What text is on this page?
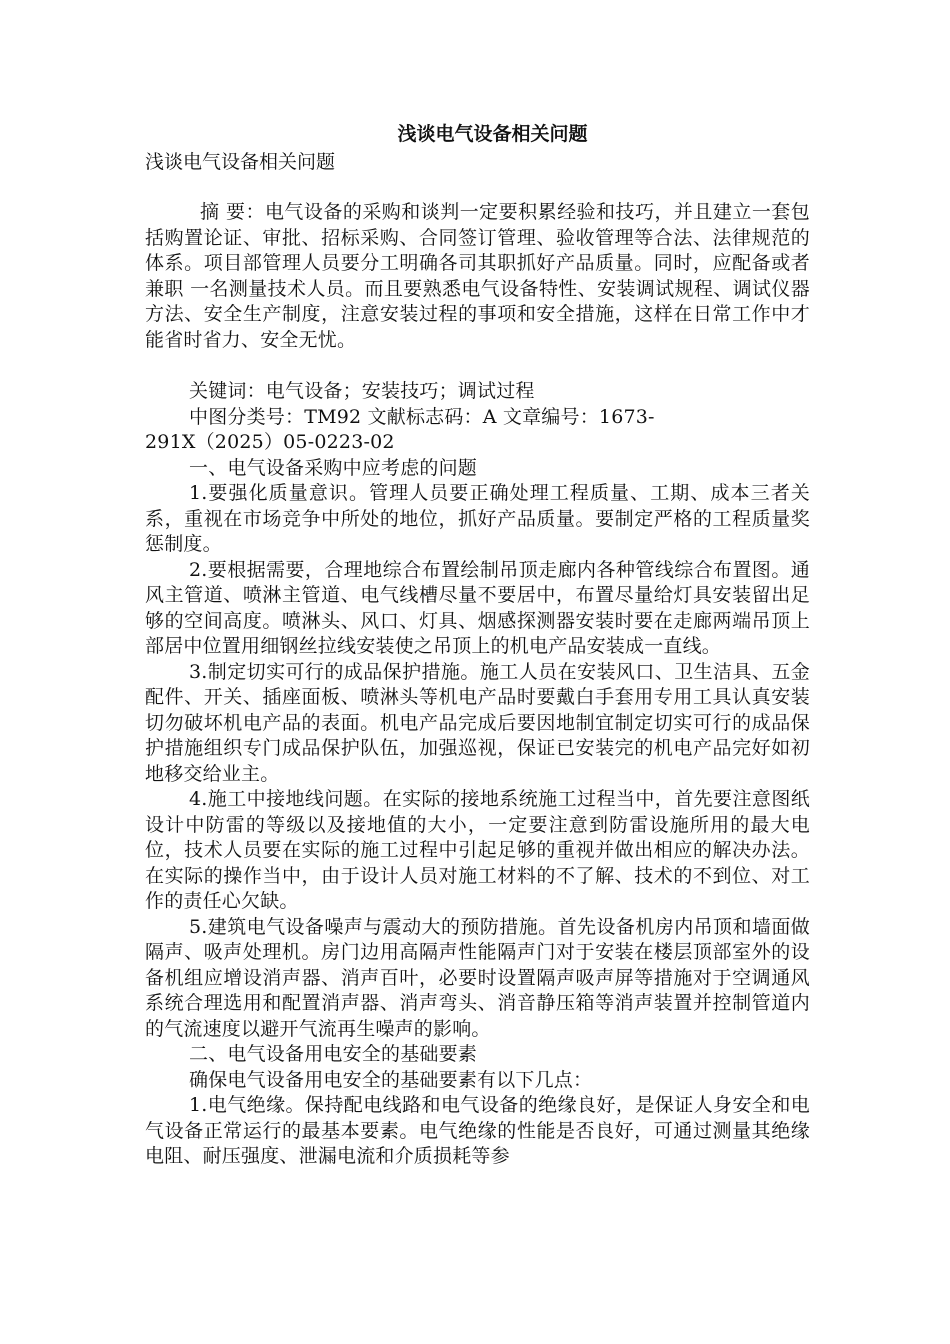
浅谈电气设备相关问题

浅谈电气设备相关问题

摘 要：电气设备的采购和谈判一定要积累经验和技巧，并且建立一套包括购置论证、审批、招标采购、合同签订管理、验收管理等合法、法律规范的体系。项目部管理人员要分工明确各司其职抓好产品质量。同时，应配备或者兼职 一名测量技术人员。而且要熟悉电气设备特性、安装调试规程、调试仪器方法、安全生产制度，注意安装过程的事项和安全措施，这样在日常工作中才能省时省力、安全无忧。

关键词：电气设备；安装技巧；调试过程

中图分类号：TM92 文献标志码：A 文章编号：1673-

291X（2025）05-0223-02

一、电气设备采购中应考虑的问题

1.要强化质量意识。管理人员要正确处理工程质量、工期、成本三者关系，重视在市场竞争中所处的地位，抓好产品质量。要制定严格的工程质量奖惩制度。

2.要根据需要，合理地综合布置绘制吊顶走廊内各种管线综合布置图。通风主管道、喷淋主管道、电气线槽尽量不要居中，布置尽量给灯具安装留出足够的空间高度。喷淋头、风口、灯具、烟感探测器安装时要在走廊两端吊顶上部居中位置用细钢丝拉线安装使之吊顶上的机电产品安装成一直线。

3.制定切实可行的成品保护措施。施工人员在安装风口、卫生洁具、五金配件、开关、插座面板、喷淋头等机电产品时要戴白手套用专用工具认真安装切勿破坏机电产品的表面。机电产品完成后要因地制宜制定切实可行的成品保护措施组织专门成品保护队伍，加强巡视，保证已安装完的机电产品完好如初地移交给业主。

4.施工中接地线问题。在实际的接地系统施工过程当中，首先要注意图纸设计中防雷的等级以及接地值的大小，一定要注意到防雷设施所用的最大电位，技术人员要在实际的施工过程中引起足够的重视并做出相应的解决办法。在实际的操作当中，由于设计人员对施工材料的不了解、技术的不到位、对工作的责任心欠缺。

5.建筑电气设备噪声与震动大的预防措施。首先设备机房内吊顶和墙面做隔声、吸声处理机。房门边用高隔声性能隔声门对于安装在楼层顶部室外的设备机组应增设消声器、消声百叶，必要时设置隔声吸声屏等措施对于空调通风系统合理选用和配置消声器、消声弯头、消音静压箱等消声装置并控制管道内的气流速度以避开气流再生噪声的影响。

二、电气设备用电安全的基础要素

确保电气设备用电安全的基础要素有以下几点：

1.电气绝缘。保持配电线路和电气设备的绝缘良好，是保证人身安全和电气设备正常运行的最基本要素。电气绝缘的性能是否良好，可通过测量其绝缘电阻、耐压强度、泄漏电流和介质损耗等参
